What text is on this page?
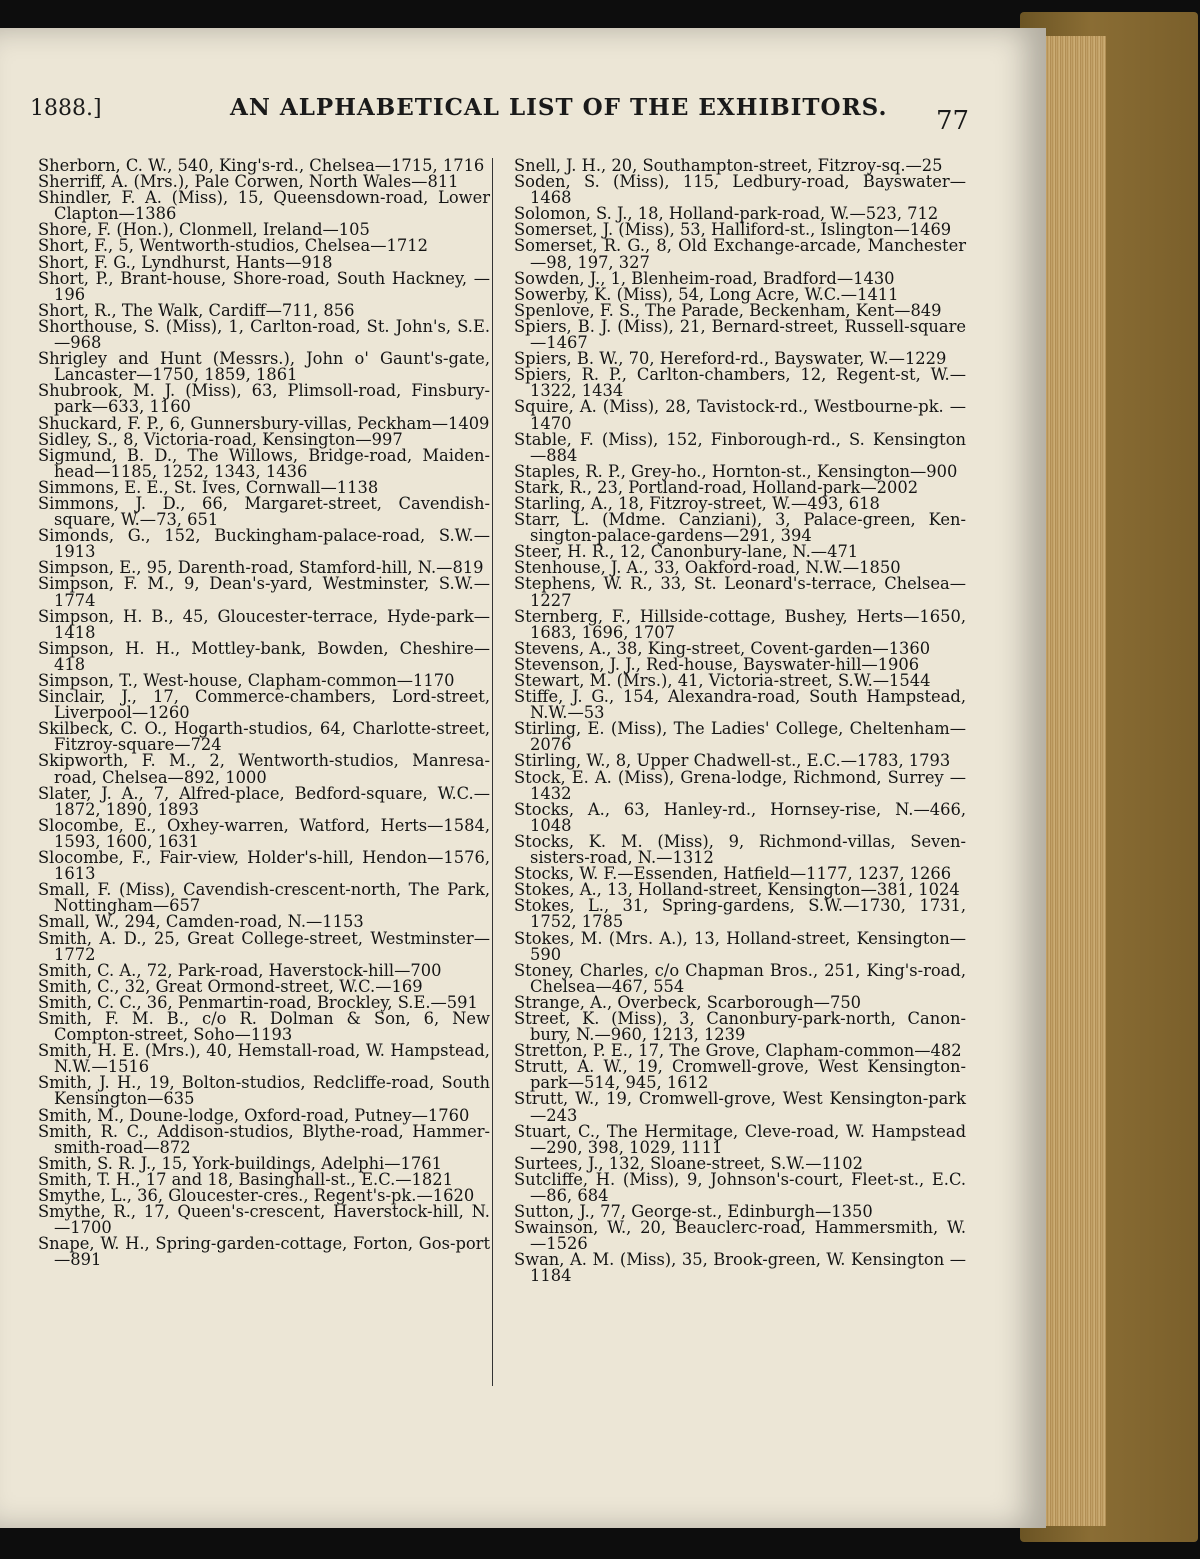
1888.]	AN ALPHABETICAL LIST OF THE EXHIBITORS. 77

Sherborn, C. W., 540, King's-rd., Chelsea—1715, 1716

Sherriff, A. (Mrs.), Pale Corwen, North Wales—811

Shindler, F. A. (Miss), 15, Queensdown-road, Lower Clapton—1386

Shore, F. (Hon.), Clonmell, Ireland—105

Short, F., 5, Wentworth-studios, Chelsea—1712

Short, F. G., Lyndhurst, Hants—918

Short, P., Brant-house, Shore-road, South Hackney, —196

Short, R., The Walk, Cardiff—711, 856

Shorthouse, S. (Miss), 1, Carlton-road, St. John's, S.E. —968

Shrigley and Hunt (Messrs.), John o' Gaunt's-gate, Lancaster—1750, 1859, 1861

Shubrook, M. J. (Miss), 63, Plimsoll-road, Finsbury-park—633, 1160

Shuckard, F. P., 6, Gunnersbury-villas, Peckham—1409

Sidley, S., 8, Victoria-road, Kensington—997

Sigmund, B. D., The Willows, Bridge-road, Maiden-head—1185, 1252, 1343, 1436

Simmons, E. E., St. Ives, Cornwall—1138

Simmons, J. D., 66, Margaret-street, Cavendish-square, W.—73, 651

Simonds, G., 152, Buckingham-palace-road, S.W.—1913

Simpson, E., 95, Darenth-road, Stamford-hill, N.—819

Simpson, F. M., 9, Dean's-yard, Westminster, S.W.—1774

Simpson, H. B., 45, Gloucester-terrace, Hyde-park—1418

Simpson, H. H., Mottley-bank, Bowden, Cheshire—418

Simpson, T., West-house, Clapham-common—1170

Sinclair, J., 17, Commerce-chambers, Lord-street, Liverpool—1260

Skilbeck, C. O., Hogarth-studios, 64, Charlotte-street, Fitzroy-square—724

Skipworth, F. M., 2, Wentworth-studios, Manresa-road, Chelsea—892, 1000

Slater, J. A., 7, Alfred-place, Bedford-square, W.C.—1872, 1890, 1893

Slocombe, E., Oxhey-warren, Watford, Herts—1584, 1593, 1600, 1631

Slocombe, F., Fair-view, Holder's-hill, Hendon—1576, 1613

Small, F. (Miss), Cavendish-crescent-north, The Park, Nottingham—657

Small, W., 294, Camden-road, N.—1153

Smith, A. D., 25, Great College-street, Westminster—1772

Smith, C. A., 72, Park-road, Haverstock-hill—700

Smith, C., 32, Great Ormond-street, W.C.—169

Smith, C. C., 36, Penmartin-road, Brockley, S.E.—591

Smith, F. M. B., c/o R. Dolman & Son, 6, New Compton-street, Soho—1193

Smith, H. E. (Mrs.), 40, Hemstall-road, W. Hampstead, N.W.—1516

Smith, J. H., 19, Bolton-studios, Redcliffe-road, South Kensington—635

Smith, M., Doune-lodge, Oxford-road, Putney—1760

Smith, R. C., Addison-studios, Blythe-road, Hammer-smith-road—872

Smith, S. R. J., 15, York-buildings, Adelphi—1761

Smith, T. H., 17 and 18, Basinghall-st., E.C.—1821

Smythe, L., 36, Gloucester-cres., Regent's-pk.—1620

Smythe, R., 17, Queen's-crescent, Haverstock-hill, N. —1700

Snape, W. H., Spring-garden-cottage, Forton, Gos-port—891

Snell, J. H., 20, Southampton-street, Fitzroy-sq.—25

Soden, S. (Miss), 115, Ledbury-road, Bayswater—1468

Solomon, S. J., 18, Holland-park-road, W.—523, 712

Somerset, J. (Miss), 53, Halliford-st., Islington—1469

Somerset, R. G., 8, Old Exchange-arcade, Manchester —98, 197, 327

Sowden, J., 1, Blenheim-road, Bradford—1430

Sowerby, K. (Miss), 54, Long Acre, W.C.—1411

Spenlove, F. S., The Parade, Beckenham, Kent—849

Spiers, B. J. (Miss), 21, Bernard-street, Russell-square —1467

Spiers, B. W., 70, Hereford-rd., Bayswater, W.—1229

Spiers, R. P., Carlton-chambers, 12, Regent-st, W.—1322, 1434

Squire, A. (Miss), 28, Tavistock-rd., Westbourne-pk. —1470

Stable, F. (Miss), 152, Finborough-rd., S. Kensington —884

Staples, R. P., Grey-ho., Hornton-st., Kensington—900

Stark, R., 23, Portland-road, Holland-park—2002

Starling, A., 18, Fitzroy-street, W.—493, 618

Starr, L. (Mdme. Canziani), 3, Palace-green, Ken-sington-palace-gardens—291, 394

Steer, H. R., 12, Canonbury-lane, N.—471

Stenhouse, J. A., 33, Oakford-road, N.W.—1850

Stephens, W. R., 33, St. Leonard's-terrace, Chelsea—1227

Sternberg, F., Hillside-cottage, Bushey, Herts—1650, 1683, 1696, 1707

Stevens, A., 38, King-street, Covent-garden—1360

Stevenson, J. J., Red-house, Bayswater-hill—1906

Stewart, M. (Mrs.), 41, Victoria-street, S.W.—1544

Stiffe, J. G., 154, Alexandra-road, South Hampstead, N.W.—53

Stirling, E. (Miss), The Ladies' College, Cheltenham—2076

Stirling, W., 8, Upper Chadwell-st., E.C.—1783, 1793

Stock, E. A. (Miss), Grena-lodge, Richmond, Surrey —1432

Stocks, A., 63, Hanley-rd., Hornsey-rise, N.—466, 1048

Stocks, K. M. (Miss), 9, Richmond-villas, Seven-sisters-road, N.—1312

Stocks, W. F.—Essenden, Hatfield—1177, 1237, 1266

Stokes, A., 13, Holland-street, Kensington—381, 1024

Stokes, L., 31, Spring-gardens, S.W.—1730, 1731, 1752, 1785

Stokes, M. (Mrs. A.), 13, Holland-street, Kensington—590

Stoney, Charles, c/o Chapman Bros., 251, King's-road, Chelsea—467, 554

Strange, A., Overbeck, Scarborough—750

Street, K. (Miss), 3, Canonbury-park-north, Canon-bury, N.—960, 1213, 1239

Stretton, P. E., 17, The Grove, Clapham-common—482

Strutt, A. W., 19, Cromwell-grove, West Kensington-park—514, 945, 1612

Strutt, W., 19, Cromwell-grove, West Kensington-park—243

Stuart, C., The Hermitage, Cleve-road, W. Hampstead —290, 398, 1029, 1111

Surtees, J., 132, Sloane-street, S.W.—1102

Sutcliffe, H. (Miss), 9, Johnson's-court, Fleet-st., E.C. —86, 684

Sutton, J., 77, George-st., Edinburgh—1350

Swainson, W., 20, Beauclerc-road, Hammersmith, W. —1526

Swan, A. M. (Miss), 35, Brook-green, W. Kensington —1184
